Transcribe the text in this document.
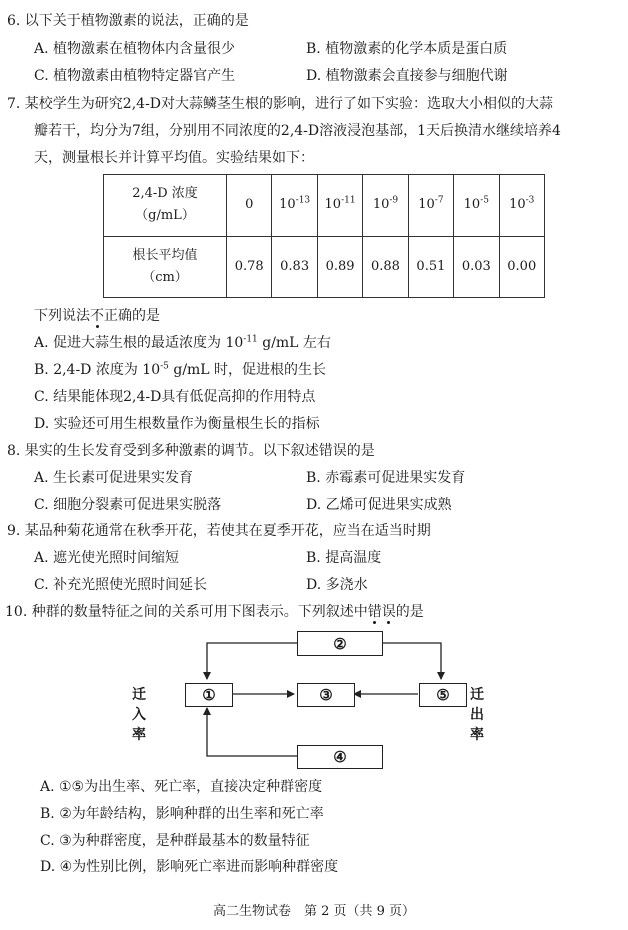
6. 以下关于植物激素的说法，正确的是
A. 植物激素在植物体内含量很少	B. 植物激素的化学本质是蛋白质
C. 植物激素由植物特定器官产生	D. 植物激素会直接参与细胞代谢
7. 某校学生为研究2,4-D对大蒜鳞茎生根的影响，进行了如下实验：选取大小相似的大蒜
瓣若干，均分为7组，分别用不同浓度的2,4-D溶液浸泡基部，1天后换清水继续培养4
天，测量根长并计算平均值。实验结果如下：
2,4-D 浓度
（g/mL）	0	$10^{-13}$	$10^{-11}$	$10^{-9}$	$10^{-7}$	$10^{-5}$	$10^{-3}$

根长平均值
（cm）	0.78	0.83	0.89	0.88	0.51	0.03	0.00
下列说法不正确的是
A. 促进大蒜生根的最适浓度为 $10^{-11}$ g/mL 左右
B. 2,4-D 浓度为 $10^{-5}$ g/mL 时，促进根的生长
C. 结果能体现2,4-D具有低促高抑的作用特点
D. 实验还可用生根数量作为衡量根生长的指标
8. 果实的生长发育受到多种激素的调节。以下叙述错误的是
A. 生长素可促进果实发育	B. 赤霉素可促进果实发育
C. 细胞分裂素可促进果实脱落	D. 乙烯可促进果实成熟
9. 某品种菊花通常在秋季开花，若使其在夏季开花，应当在适当时期
A. 遮光使光照时间缩短	B. 提高温度
C. 补充光照使光照时间延长	D. 多浇水
10. 种群的数量特征之间的关系可用下图表示。下列叙述中错误的是
②
①	③	⑤
④
迁入率
迁出率
A. ①⑤为出生率、死亡率，直接决定种群密度
B. ②为年龄结构，影响种群的出生率和死亡率
C. ③为种群密度，是种群最基本的数量特征
D. ④为性别比例，影响死亡率进而影响种群密度
高二生物试卷　第 2 页（共 9 页）
